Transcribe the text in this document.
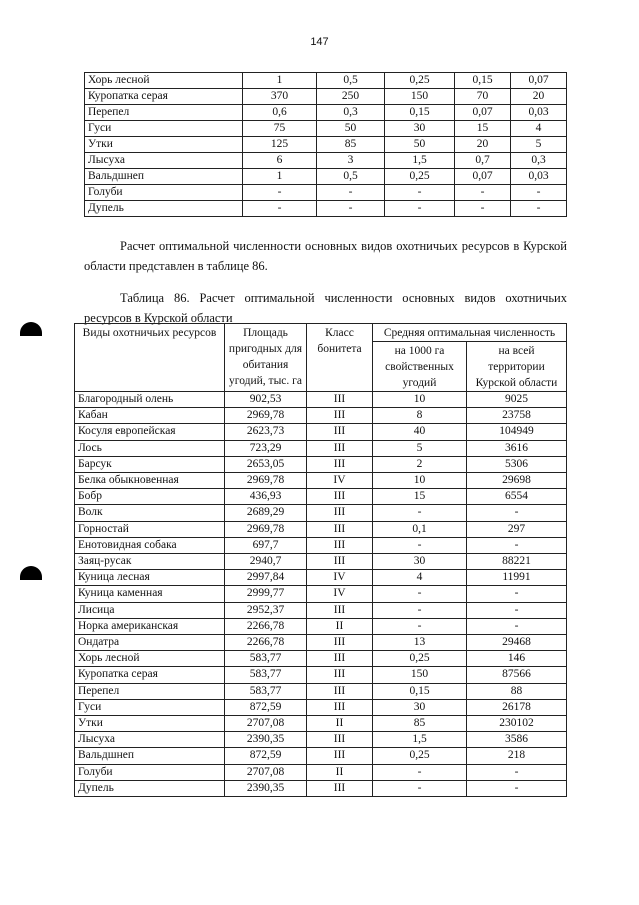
147
Хорь лесной	1	0,5	0,25	0,15	0,07
Куропатка серая	370	250	150	70	20
Перепел	0,6	0,3	0,15	0,07	0,03
Гуси	75	50	30	15	4
Утки	125	85	50	20	5
Лысуха	6	3	1,5	0,7	0,3
Вальдшнеп	1	0,5	0,25	0,07	0,03
Голуби	-	-	-	-	-
Дупель	-	-	-	-	-
Расчет оптимальной численности основных видов охотничьих ресурсов в Курской области представлен в таблице 86.
Таблица 86. Расчет оптимальной численности основных видов охотничьих ресурсов в Курской области
Виды охотничьих ресурсов	Площадь пригодных для обитания угодий, тыс. га	Класс бонитета	Средняя оптимальная численность	
			на 1000 га свойственных угодий	на всей территории Курской области
Благородный олень	902,53	III	10	9025
Кабан	2969,78	III	8	23758
Косуля европейская	2623,73	III	40	104949
Лось	723,29	III	5	3616
Барсук	2653,05	III	2	5306
Белка обыкновенная	2969,78	IV	10	29698
Бобр	436,93	III	15	6554
Волк	2689,29	III	-	-
Горностай	2969,78	III	0,1	297
Енотовидная собака	697,7	III	-	-
Заяц-русак	2940,7	III	30	88221
Куница лесная	2997,84	IV	4	11991
Куница каменная	2999,77	IV	-	-
Лисица	2952,37	III	-	-
Норка американская	2266,78	II	-	-
Ондатра	2266,78	III	13	29468
Хорь лесной	583,77	III	0,25	146
Куропатка серая	583,77	III	150	87566
Перепел	583,77	III	0,15	88
Гуси	872,59	III	30	26178
Утки	2707,08	II	85	230102
Лысуха	2390,35	III	1,5	3586
Вальдшнеп	872,59	III	0,25	218
Голуби	2707,08	II	-	-
Дупель	2390,35	III	-	-
